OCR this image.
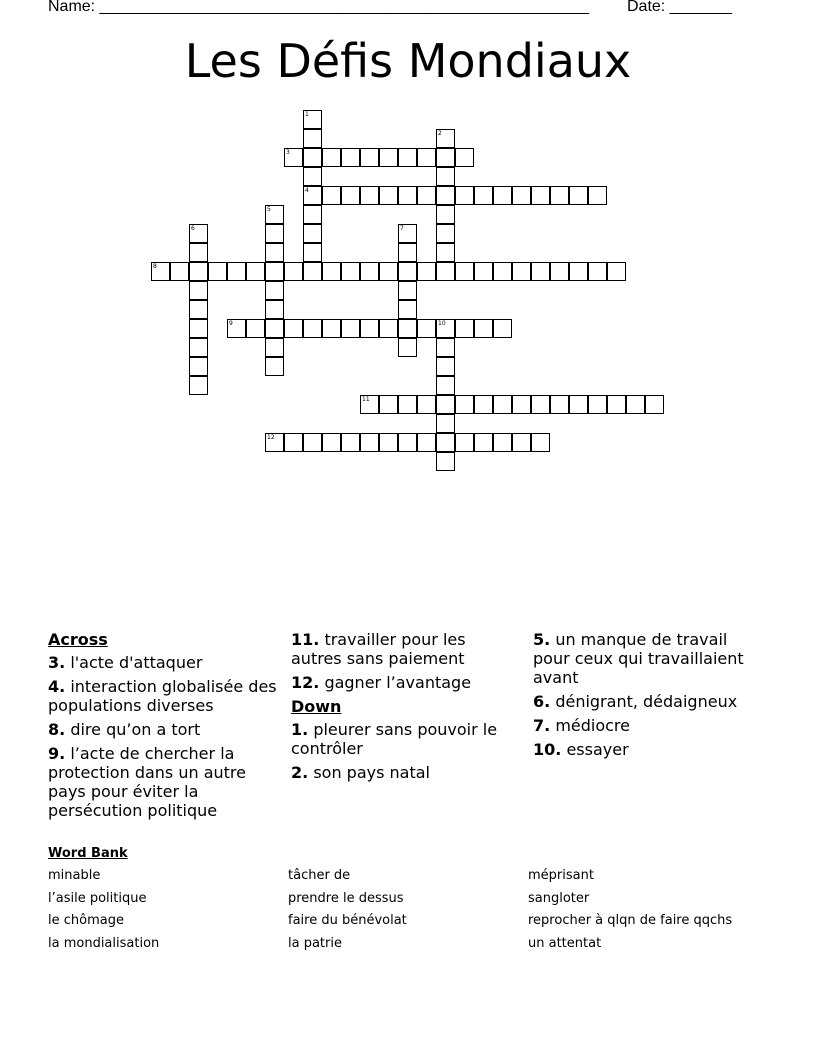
Name: _______________________________________________________ Date: _______
Les Défis Mondiaux
3
4
8
9
11
12
1
2
5
6	7
10
Across
3. l'acte d'attaquer
4. interaction globalisée des populations diverses
8. dire qu’on a tort
9. l’acte de chercher la protection dans un autre pays pour éviter la persécution politique
11. travailler pour les autres sans paiement
12. gagner l’avantage
Down
1. pleurer sans pouvoir le contrôler
2. son pays natal
5. un manque de travail pour ceux qui travaillaient avant
6. dénigrant, dédaigneux
7. médiocre
10. essayer
Word Bank
minable
l’asile politique
le chômage
la mondialisation
tâcher de
prendre le dessus
faire du bénévolat
la patrie
méprisant
sangloter
reprocher à qlqn de faire qqchs
un attentat
